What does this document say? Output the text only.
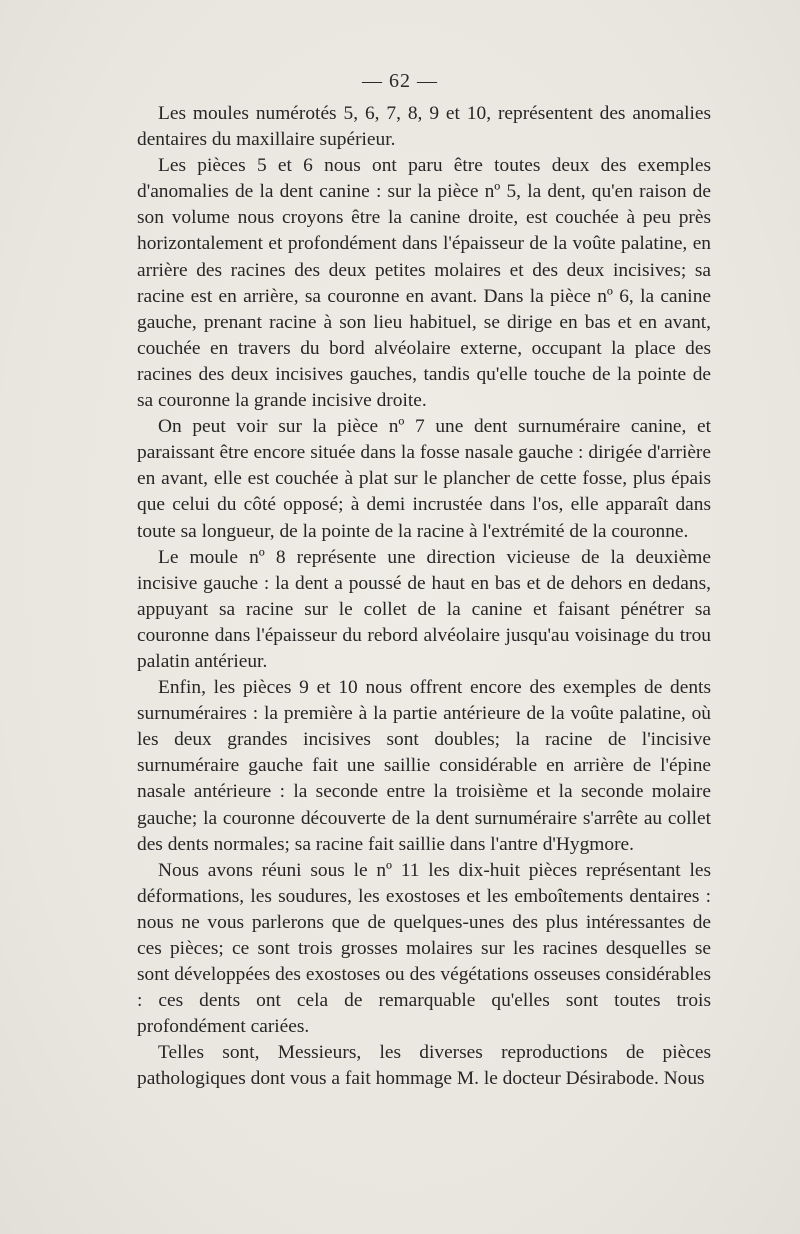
— 62 —

Les moules numérotés 5, 6, 7, 8, 9 et 10, représentent des anomalies dentaires du maxillaire supérieur.

Les pièces 5 et 6 nous ont paru être toutes deux des exemples d'anomalies de la dent canine : sur la pièce nº 5, la dent, qu'en raison de son volume nous croyons être la canine droite, est couchée à peu près horizontalement et profondément dans l'épaisseur de la voûte palatine, en arrière des racines des deux petites molaires et des deux incisives; sa racine est en arrière, sa couronne en avant. Dans la pièce nº 6, la canine gauche, prenant racine à son lieu habituel, se dirige en bas et en avant, couchée en travers du bord alvéolaire externe, occupant la place des racines des deux incisives gauches, tandis qu'elle touche de la pointe de sa couronne la grande incisive droite.

On peut voir sur la pièce nº 7 une dent surnuméraire canine, et paraissant être encore située dans la fosse nasale gauche : dirigée d'arrière en avant, elle est couchée à plat sur le plancher de cette fosse, plus épais que celui du côté opposé; à demi incrustée dans l'os, elle apparaît dans toute sa longueur, de la pointe de la racine à l'extrémité de la couronne.

Le moule nº 8 représente une direction vicieuse de la deuxième incisive gauche : la dent a poussé de haut en bas et de dehors en dedans, appuyant sa racine sur le collet de la canine et faisant pénétrer sa couronne dans l'épaisseur du rebord alvéolaire jusqu'au voisinage du trou palatin antérieur.

Enfin, les pièces 9 et 10 nous offrent encore des exemples de dents surnuméraires : la première à la partie antérieure de la voûte palatine, où les deux grandes incisives sont doubles; la racine de l'incisive surnuméraire gauche fait une saillie considérable en arrière de l'épine nasale antérieure : la seconde entre la troisième et la seconde molaire gauche; la couronne découverte de la dent surnuméraire s'arrête au collet des dents normales; sa racine fait saillie dans l'antre d'Hygmore.

Nous avons réuni sous le nº 11 les dix-huit pièces représentant les déformations, les soudures, les exostoses et les emboîtements dentaires : nous ne vous parlerons que de quelques-unes des plus intéressantes de ces pièces; ce sont trois grosses molaires sur les racines desquelles se sont développées des exostoses ou des végétations osseuses considérables : ces dents ont cela de remarquable qu'elles sont toutes trois profondément cariées.

Telles sont, Messieurs, les diverses reproductions de pièces pathologiques dont vous a fait hommage M. le docteur Désirabode. Nous
